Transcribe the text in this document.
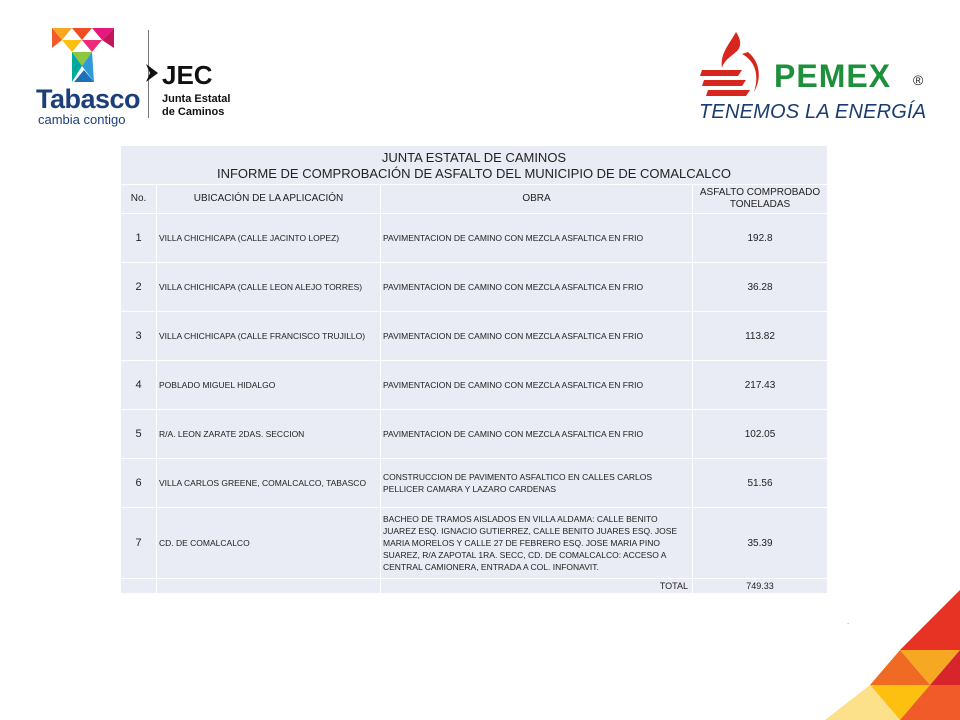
Tabasco
cambia contigo
JEC
Junta Estatal de Caminos
PEMEX ®
TENEMOS LA ENERGÍA
JUNTA ESTATAL DE CAMINOS
INFORME DE COMPROBACIÓN DE ASFALTO DEL MUNICIPIO DE DE COMALCALCO			

No.	UBICACIÓN DE LA APLICACIÓN	OBRA	ASFALTO COMPROBADO TONELADAS
1	VILLA CHICHICAPA (CALLE JACINTO LOPEZ)	PAVIMENTACION DE CAMINO CON MEZCLA ASFALTICA EN FRIO	192.8
2	VILLA CHICHICAPA (CALLE LEON ALEJO TORRES)	PAVIMENTACION DE CAMINO CON MEZCLA ASFALTICA EN FRIO	36.28
3	VILLA CHICHICAPA (CALLE FRANCISCO TRUJILLO)	PAVIMENTACION DE CAMINO CON MEZCLA ASFALTICA EN FRIO	113.82
4	POBLADO MIGUEL HIDALGO	PAVIMENTACION DE CAMINO CON MEZCLA ASFALTICA EN FRIO	217.43
5	R/A. LEON ZARATE 2DAS. SECCION	PAVIMENTACION DE CAMINO CON MEZCLA ASFALTICA EN FRIO	102.05
6	VILLA CARLOS GREENE, COMALCALCO, TABASCO	CONSTRUCCION DE PAVIMENTO ASFALTICO EN CALLES CARLOS PELLICER CAMARA Y LAZARO CARDENAS	51.56
7	CD. DE COMALCALCO	BACHEO DE TRAMOS AISLADOS EN VILLA ALDAMA: CALLE BENITO JUAREZ ESQ. IGNACIO GUTIERREZ, CALLE BENITO JUARES ESQ. JOSE MARIA MORELOS Y CALLE 27 DE FEBRERO ESQ. JOSE MARIA PINO SUAREZ, R/A ZAPOTAL 1RA. SECC, CD. DE COMALCALCO: ACCESO A CENTRAL CAMIONERA, ENTRADA A COL. INFONAVIT.	35.39
		TOTAL	749.33
.
